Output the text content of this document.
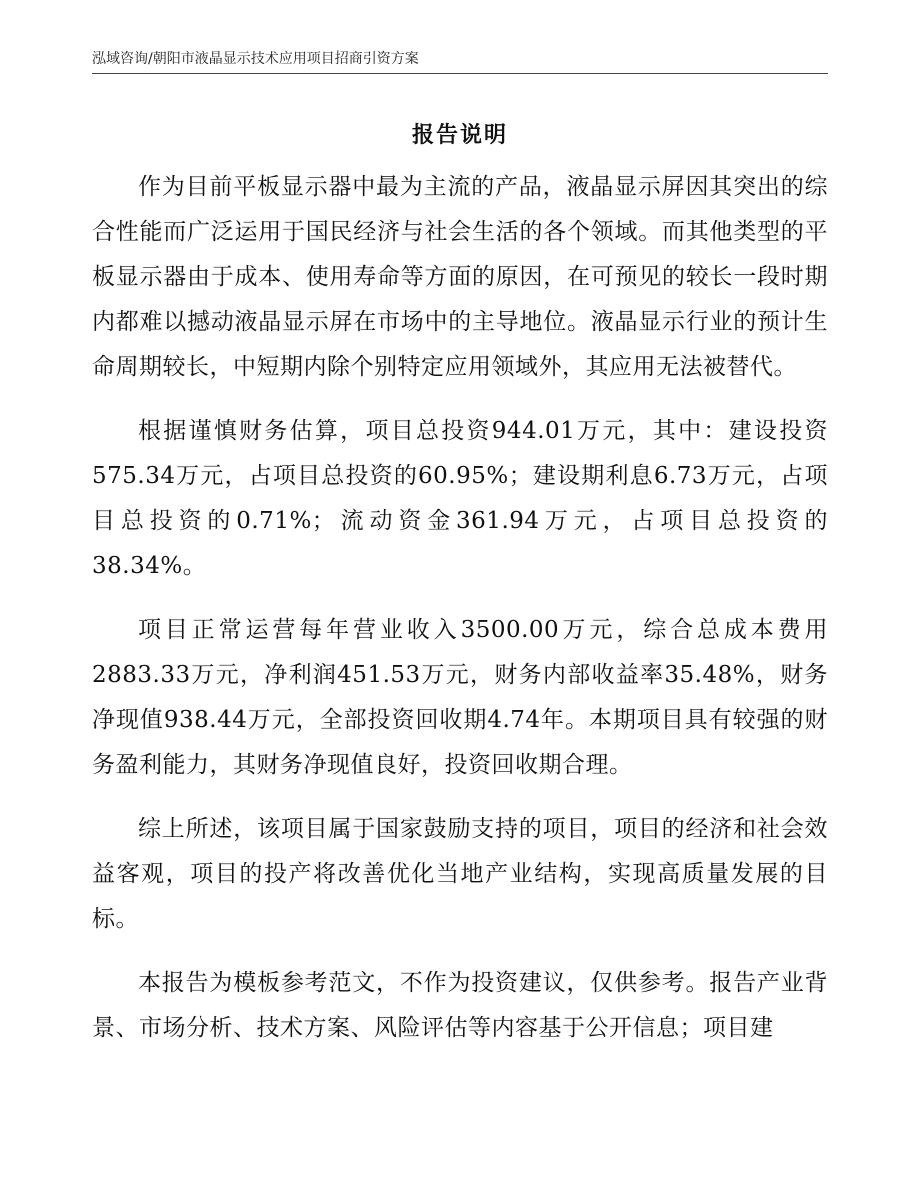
泓域咨询/朝阳市液晶显示技术应用项目招商引资方案
报告说明

作为目前平板显示器中最为主流的产品，液晶显示屏因其突出的综合性能而广泛运用于国民经济与社会生活的各个领域。而其他类型的平板显示器由于成本、使用寿命等方面的原因，在可预见的较长一段时期内都难以撼动液晶显示屏在市场中的主导地位。液晶显示行业的预计生命周期较长，中短期内除个别特定应用领域外，其应用无法被替代。

根据谨慎财务估算，项目总投资944.01万元，其中：建设投资575.34万元，占项目总投资的60.95%；建设期利息6.73万元，占项目总投资的0.71%；流动资金361.94万元，占项目总投资的38.34%。

项目正常运营每年营业收入3500.00万元，综合总成本费用2883.33万元，净利润451.53万元，财务内部收益率35.48%，财务净现值938.44万元，全部投资回收期4.74年。本期项目具有较强的财务盈利能力，其财务净现值良好，投资回收期合理。

综上所述，该项目属于国家鼓励支持的项目，项目的经济和社会效益客观，项目的投产将改善优化当地产业结构，实现高质量发展的目标。

本报告为模板参考范文，不作为投资建议，仅供参考。报告产业背景、市场分析、技术方案、风险评估等内容基于公开信息；项目建
